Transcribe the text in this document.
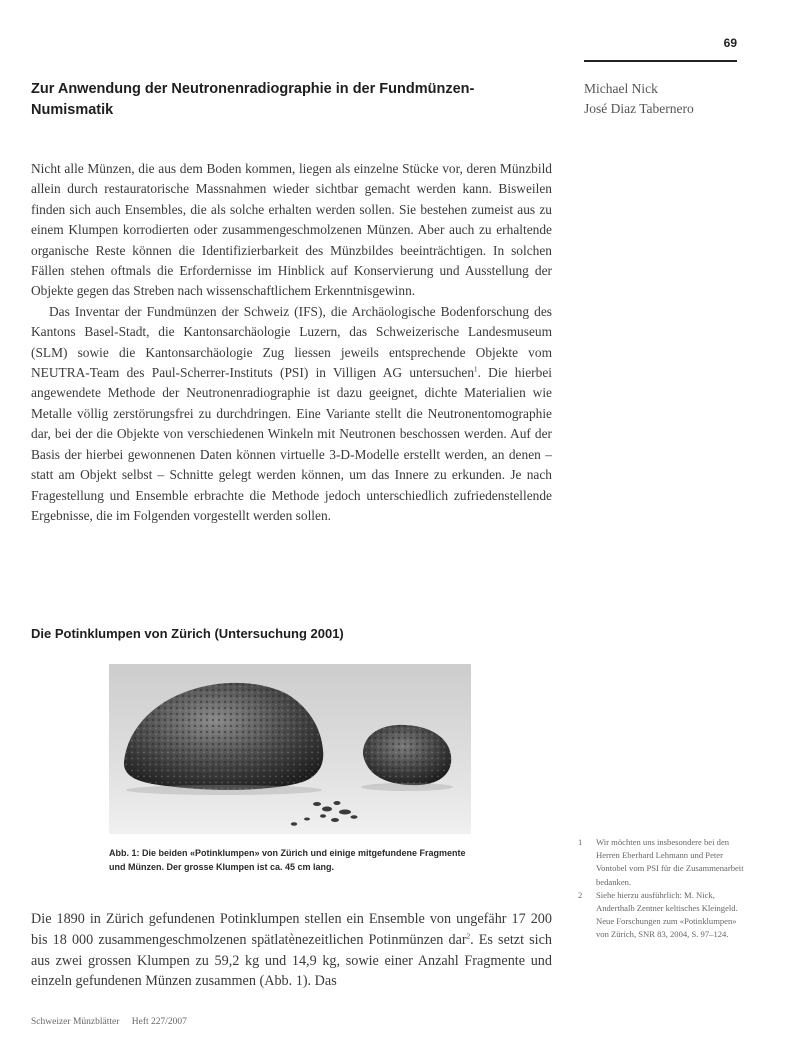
69
Zur Anwendung der Neutronenradiographie in der Fundmünzen-Numismatik
Michael Nick
José Diaz Tabernero

Nicht alle Münzen, die aus dem Boden kommen, liegen als einzelne Stücke vor, deren Münzbild allein durch restauratorische Massnahmen wieder sichtbar gemacht werden kann. Bisweilen finden sich auch Ensembles, die als solche erhalten werden sollen. Sie bestehen zumeist aus zu einem Klumpen korrodierten oder zusammengeschmolzenen Münzen. Aber auch zu erhaltende organische Reste können die Identifizierbarkeit des Münzbildes beeinträchtigen. In solchen Fällen stehen oftmals die Erfordernisse im Hinblick auf Konservierung und Ausstellung der Objekte gegen das Streben nach wissenschaftlichem Erkenntnisgewinn.

Das Inventar der Fundmünzen der Schweiz (IFS), die Archäologische Bodenforschung des Kantons Basel-Stadt, die Kantonsarchäologie Luzern, das Schweizerische Landesmuseum (SLM) sowie die Kantonsarchäologie Zug liessen jeweils entsprechende Objekte vom NEUTRA-Team des Paul-Scherrer-Instituts (PSI) in Villigen AG untersuchen$^1$. Die hierbei angewendete Methode der Neutronenradiographie ist dazu geeignet, dichte Materialien wie Metalle völlig zerstörungsfrei zu durchdringen. Eine Variante stellt die Neutronentomographie dar, bei der die Objekte von verschiedenen Winkeln mit Neutronen beschossen werden. Auf der Basis der hierbei gewonnenen Daten können virtuelle 3-D-Modelle erstellt werden, an denen – statt am Objekt selbst – Schnitte gelegt werden können, um das Innere zu erkunden. Je nach Fragestellung und Ensemble erbrachte die Methode jedoch unterschiedlich zufriedenstellende Ergebnisse, die im Folgenden vorgestellt werden sollen.

Die Potinklumpen von Zürich (Untersuchung 2001)
Abb. 1: Die beiden «Potinklumpen» von Zürich und einige mitgefundene Fragmente und Münzen. Der grosse Klumpen ist ca. 45 cm lang.

Die 1890 in Zürich gefundenen Potinklumpen stellen ein Ensemble von ungefähr 17 200 bis 18 000 zusammengeschmolzenen spätlatènezeitlichen Potinmünzen dar$^2$. Es setzt sich aus zwei grossen Klumpen zu 59,2 kg und 14,9 kg, sowie einer Anzahl Fragmente und einzeln gefundenen Münzen zusammen (Abb. 1). Das

1	Wir möchten uns insbesondere bei den Herren Eberhard Lehmann und Peter Vontobel vom PSI für die Zusammenarbeit bedanken.
2	Siehe hierzu ausführlich: M. Nick, Anderthalb Zentner keltisches Kleingeld. Neue Forschungen zum «Potinklumpen» von Zürich, SNR 83, 2004, S. 97–124.
Schweizer Münzblätter Heft 227/2007
